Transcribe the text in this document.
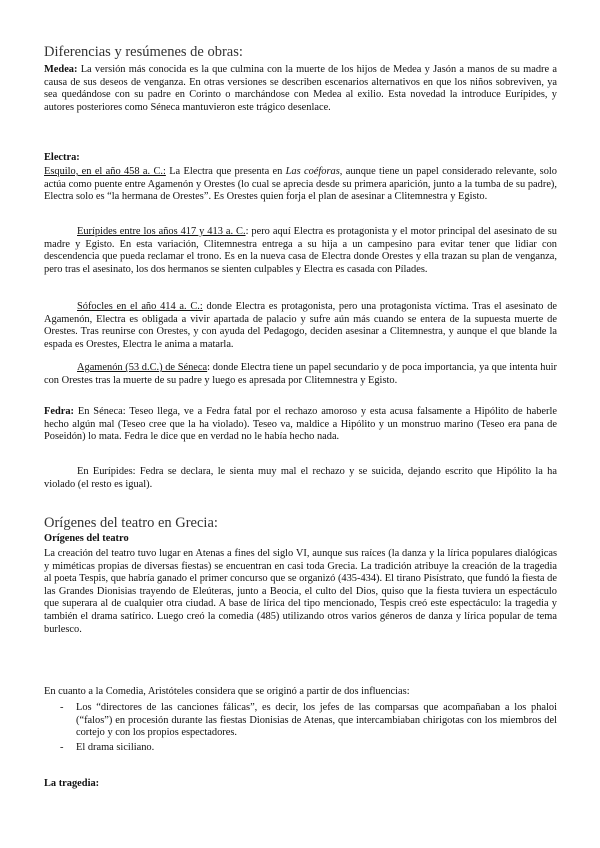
Diferencias y resúmenes de obras:

Medea: La versión más conocida es la que culmina con la muerte de los hijos de Medea y Jasón a manos de su madre a causa de sus deseos de venganza. En otras versiones se describen escenarios alternativos en que los niños sobreviven, ya sea quedándose con su padre en Corinto o marchándose con Medea al exilio. Esta novedad la introduce Eurípides, y autores posteriores como Séneca mantuvieron este trágico desenlace.

Electra:

Esquilo, en el año 458 a. C.: La Electra que presenta en Las coéforas, aunque tiene un papel considerado relevante, solo actúa como puente entre Agamenón y Orestes (lo cual se aprecia desde su primera aparición, junto a la tumba de su padre), Electra solo es “la hermana de Orestes”. Es Orestes quien forja el plan de asesinar a Clitemnestra y Egisto.

Eurípides entre los años 417 y 413 a. C.: pero aquí Electra es protagonista y el motor principal del asesinato de su madre y Egisto. En esta variación, Clitemnestra entrega a su hija a un campesino para evitar tener que lidiar con descendencia que pueda reclamar el trono. Es en la nueva casa de Electra donde Orestes y ella trazan su plan de venganza, pero tras el asesinato, los dos hermanos se sienten culpables y Electra es casada con Pílades.

Sófocles en el año 414 a. C.: donde Electra es protagonista, pero una protagonista víctima. Tras el asesinato de Agamenón, Electra es obligada a vivir apartada de palacio y sufre aún más cuando se entera de la supuesta muerte de Orestes. Tras reunirse con Orestes, y con ayuda del Pedagogo, deciden asesinar a Clitemnestra, y aunque el que blande la espada es Orestes, Electra le anima a matarla.

Agamenón (53 d.C.) de Séneca: donde Electra tiene un papel secundario y de poca importancia, ya que intenta huir con Orestes tras la muerte de su padre y luego es apresada por Clitemnestra y Egisto.

Fedra: En Séneca: Teseo llega, ve a Fedra fatal por el rechazo amoroso y esta acusa falsamente a Hipólito de haberle hecho algún mal (Teseo cree que la ha violado). Teseo va, maldice a Hipólito y un monstruo marino (Teseo era pana de Poseidón) lo mata. Fedra le dice que en verdad no le había hecho nada.

En Eurípides: Fedra se declara, le sienta muy mal el rechazo y se suicida, dejando escrito que Hipólito la ha violado (el resto es igual).

Orígenes del teatro en Grecia:

Orígenes del teatro

La creación del teatro tuvo lugar en Atenas a fines del siglo VI, aunque sus raíces (la danza y la lírica populares dialógicas y miméticas propias de diversas fiestas) se encuentran en casi toda Grecia. La tradición atribuye la creación de la tragedia al poeta Tespis, que habría ganado el primer concurso que se organizó (435-434). El tirano Pisístrato, que fundó la fiesta de las Grandes Dionisias trayendo de Eleúteras, junto a Beocia, el culto del Dios, quiso que la fiesta tuviera un espectáculo que superara al de cualquier otra ciudad. A base de lírica del tipo mencionado, Tespis creó este espectáculo: la tragedia y también el drama satírico. Luego creó la comedia (485) utilizando otros varios géneros de danza y lírica popular de tema burlesco.

En cuanto a la Comedia, Aristóteles considera que se originó a partir de dos influencias:

- Los “directores de las canciones fálicas”, es decir, los jefes de las comparsas que acompañaban a los phaloi (“falos”) en procesión durante las fiestas Dionisias de Atenas, que intercambiaban chirigotas con los miembros del cortejo y con los propios espectadores.
- El drama siciliano.

La tragedia:
